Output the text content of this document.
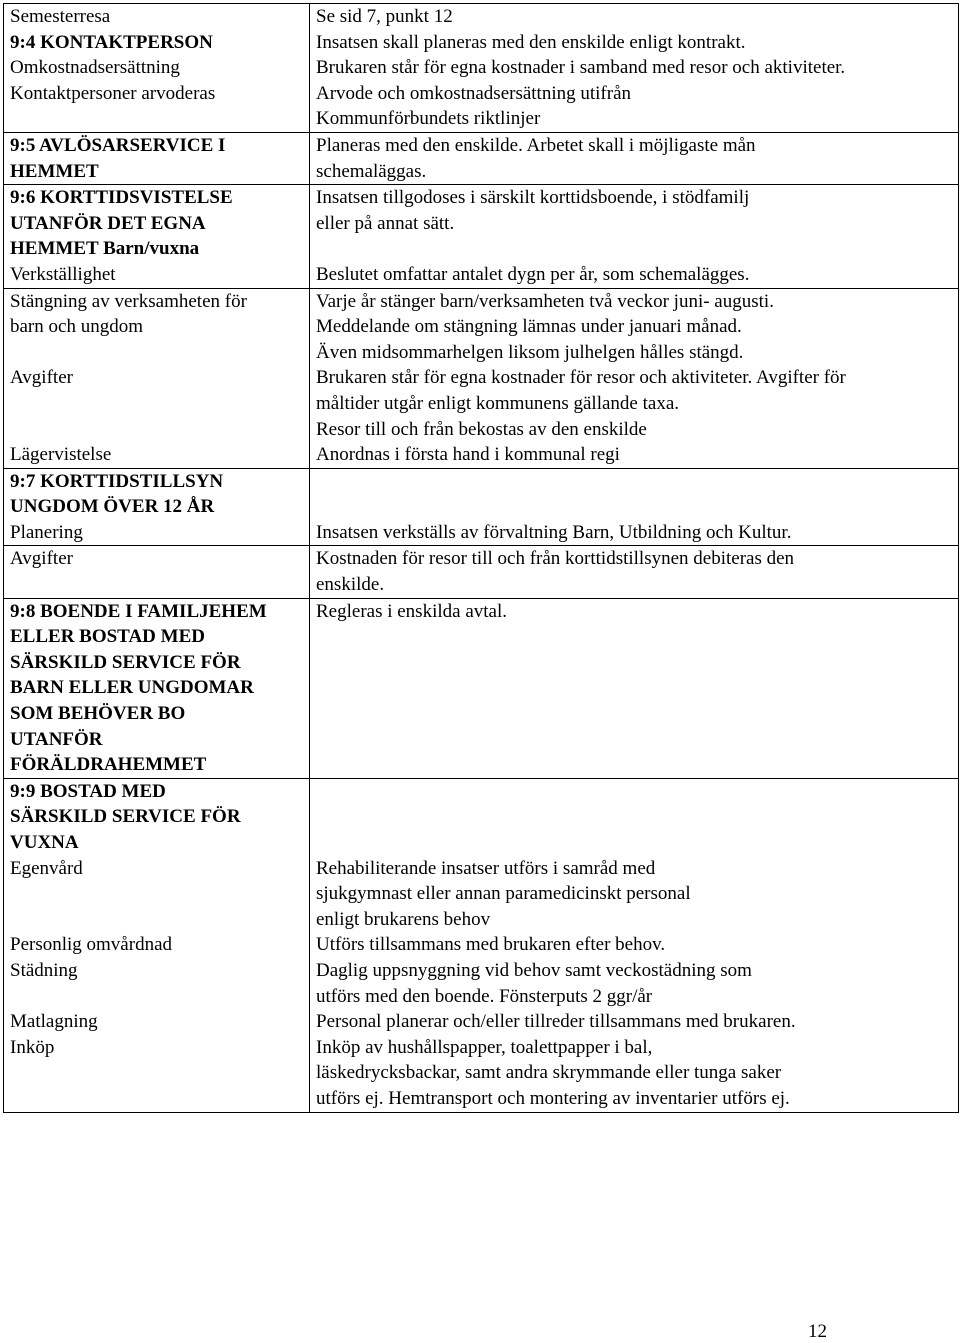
Semesterresa
9:4 KONTAKTPERSON
Omkostnadsersättning
Kontaktpersoner arvoderas
Se sid 7, punkt 12
Insatsen skall planeras med den enskilde enligt kontrakt.
Brukaren står för egna kostnader i samband med resor och aktiviteter.
Arvode och omkostnadsersättning utifrån
Kommunförbundets riktlinjer
9:5 AVLÖSARSERVICE I
HEMMET
Planeras med den enskilde. Arbetet skall i möjligaste mån
schemaläggas.
9:6 KORTTIDSVISTELSE
UTANFÖR DET EGNA
HEMMET Barn/vuxna
Verkställighet
Insatsen tillgodoses i särskilt korttidsboende, i stödfamilj
eller på annat sätt.
Beslutet omfattar antalet dygn per år, som schemalägges.
Stängning av verksamheten för
barn och ungdom
Avgifter
Lägervistelse
Varje år stänger barn/verksamheten två veckor juni- augusti.
Meddelande om stängning lämnas under januari månad.
Även midsommarhelgen liksom julhelgen hålles stängd.
Brukaren står för egna kostnader för resor och aktiviteter. Avgifter för
måltider utgår enligt kommunens gällande taxa.
Resor till och från bekostas av den enskilde
Anordnas i första hand i kommunal regi
9:7 KORTTIDSTILLSYN
UNGDOM ÖVER 12 ÅR
Planering	Insatsen verkställs av förvaltning Barn, Utbildning och Kultur.
Avgifter	Kostnaden för resor till och från korttidstillsynen debiteras den
enskilde.
9:8 BOENDE I FAMILJEHEM
ELLER BOSTAD MED
SÄRSKILD SERVICE FÖR
BARN ELLER UNGDOMAR
SOM BEHÖVER BO
UTANFÖR
FÖRÄLDRAHEMMET
Regleras i enskilda avtal.
9:9 BOSTAD MED
SÄRSKILD SERVICE FÖR
VUXNA
Egenvård
Personlig omvårdnad
Städning
Matlagning
Inköp
Rehabiliterande insatser utförs i samråd med
sjukgymnast eller annan paramedicinskt personal
enligt brukarens behov
Utförs tillsammans med brukaren efter behov.
Daglig uppsnyggning vid behov samt veckostädning som
utförs med den boende. Fönsterputs 2 ggr/år
Personal planerar och/eller tillreder tillsammans med brukaren.
Inköp av hushållspapper, toalettpapper i bal,
läskedrycksbackar, samt andra skrymmande eller tunga saker
utförs ej. Hemtransport och montering av inventarier utförs ej.
12
